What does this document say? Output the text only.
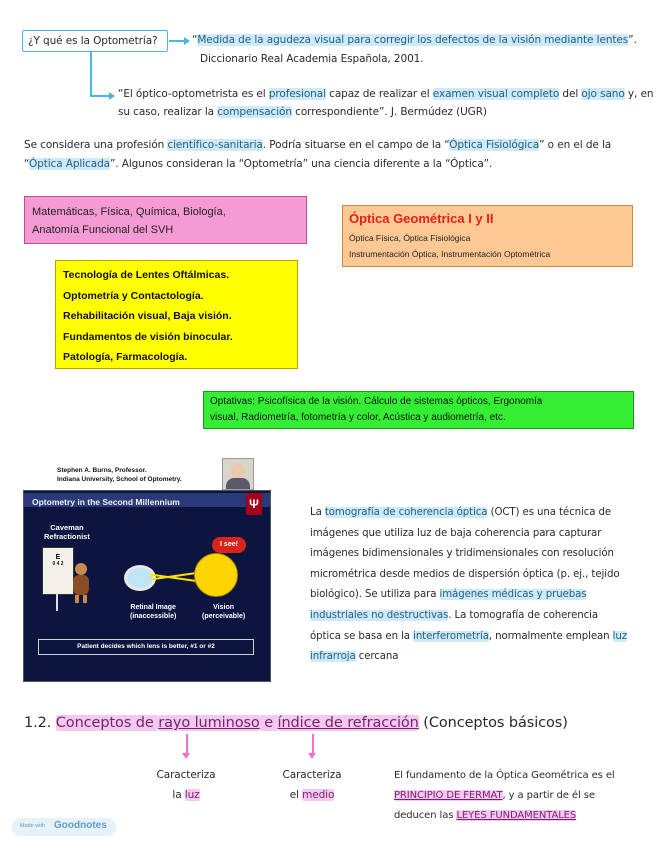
¿Y qué es la Optometría?	“Medida de la agudeza visual para corregir los defectos de la visión mediante lentes”.
Diccionario Real Academia Española, 2001.
“El óptico-optometrista es el profesional capaz de realizar el examen visual completo del ojo sano y, en
su caso, realizar la compensación correspondiente”. J. Bermúdez (UGR)
Se considera una profesión científico-sanitaria. Podría situarse en el campo de la “Óptica Fisiológica” o en el de la
“Óptica Aplicada”. Algunos consideran la “Optometría” una ciencia diferente a la “Óptica”.
Matemáticas, Física, Química, Biología,
Anatomía Funcional del SVH
Óptica Geométrica I y II
Óptica Física, Óptica Fisiológica
Instrumentación Óptica, Instrumentación Optométrica
Tecnología de Lentes Oftálmicas.
Optometría y Contactología.
Rehabilitación visual, Baja visión.
Fundamentos de visión binocular.
Patología, Farmacología.
Optativas: Psicofísica de la visión. Cálculo de sistemas ópticos, Ergonomía
visual, Radiometría, fotometría y color, Acústica y audiometría, etc.
Stephen A. Burns, Professor.
Indiana University, School of Optometry.
Optometry in the Second Millennium	Ψ
Caveman
Refractionist
E
0 4 2
I see!
Retinal Image
(inaccessible)
Vision
(perceivable)
Patient decides which lens is better, #1 or #2
La tomografía de coherencia óptica (OCT) es una técnica de
imágenes que utiliza luz de baja coherencia para capturar
imágenes bidimensionales y tridimensionales con resolución
micrométrica desde medios de dispersión óptica (p. ej., tejido
biológico). Se utiliza para imágenes médicas y pruebas
industriales no destructivas. La tomografía de coherencia
óptica se basa en la interferometría, normalmente emplean luz
infrarroja cercana
1.2. Conceptos de rayo luminoso e índice de refracción (Conceptos básicos)
Caracteriza
la luz
Caracteriza
el medio
El fundamento de la Óptica Geométrica es el
PRINCIPIO DE FERMAT, y a partir de él se
deducen las LEYES FUNDAMENTALES
Made with Goodnotes
